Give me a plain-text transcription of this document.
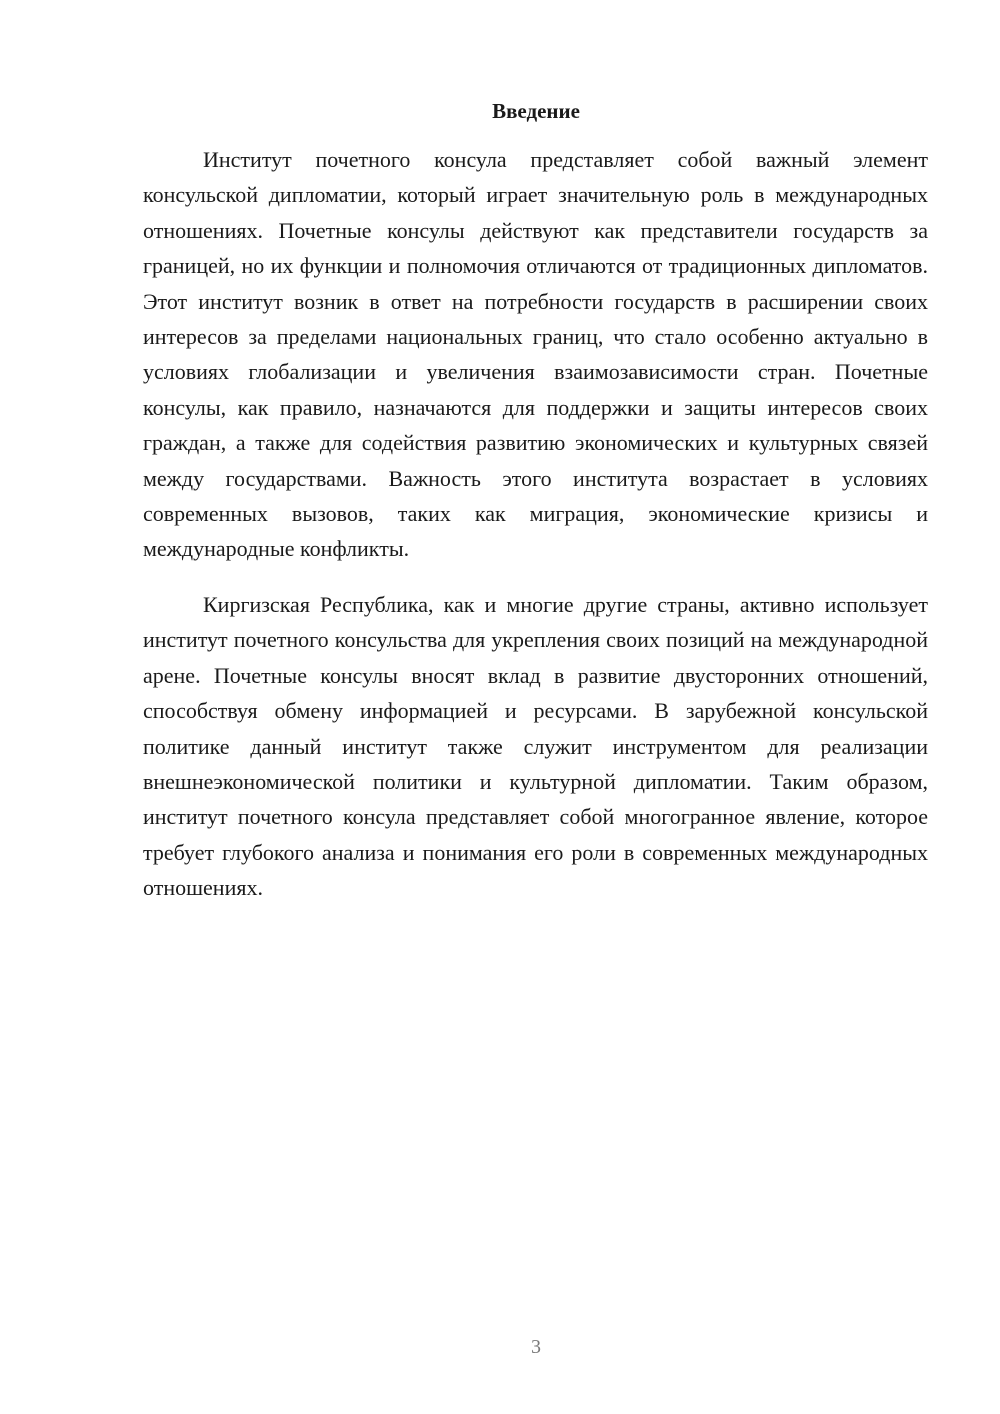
Введение

Институт почетного консула представляет собой важный элемент консульской дипломатии, который играет значительную роль в международных отношениях. Почетные консулы действуют как представители государств за границей, но их функции и полномочия отличаются от традиционных дипломатов. Этот институт возник в ответ на потребности государств в расширении своих интересов за пределами национальных границ, что стало особенно актуально в условиях глобализации и увеличения взаимозависимости стран. Почетные консулы, как правило, назначаются для поддержки и защиты интересов своих граждан, а также для содействия развитию экономических и культурных связей между государствами. Важность этого института возрастает в условиях современных вызовов, таких как миграция, экономические кризисы и международные конфликты.

Киргизская Республика, как и многие другие страны, активно использует институт почетного консульства для укрепления своих позиций на международной арене. Почетные консулы вносят вклад в развитие двусторонних отношений, способствуя обмену информацией и ресурсами. В зарубежной консульской политике данный институт также служит инструментом для реализации внешнеэкономической политики и культурной дипломатии. Таким образом, институт почетного консула представляет собой многогранное явление, которое требует глубокого анализа и понимания его роли в современных международных отношениях.

3
